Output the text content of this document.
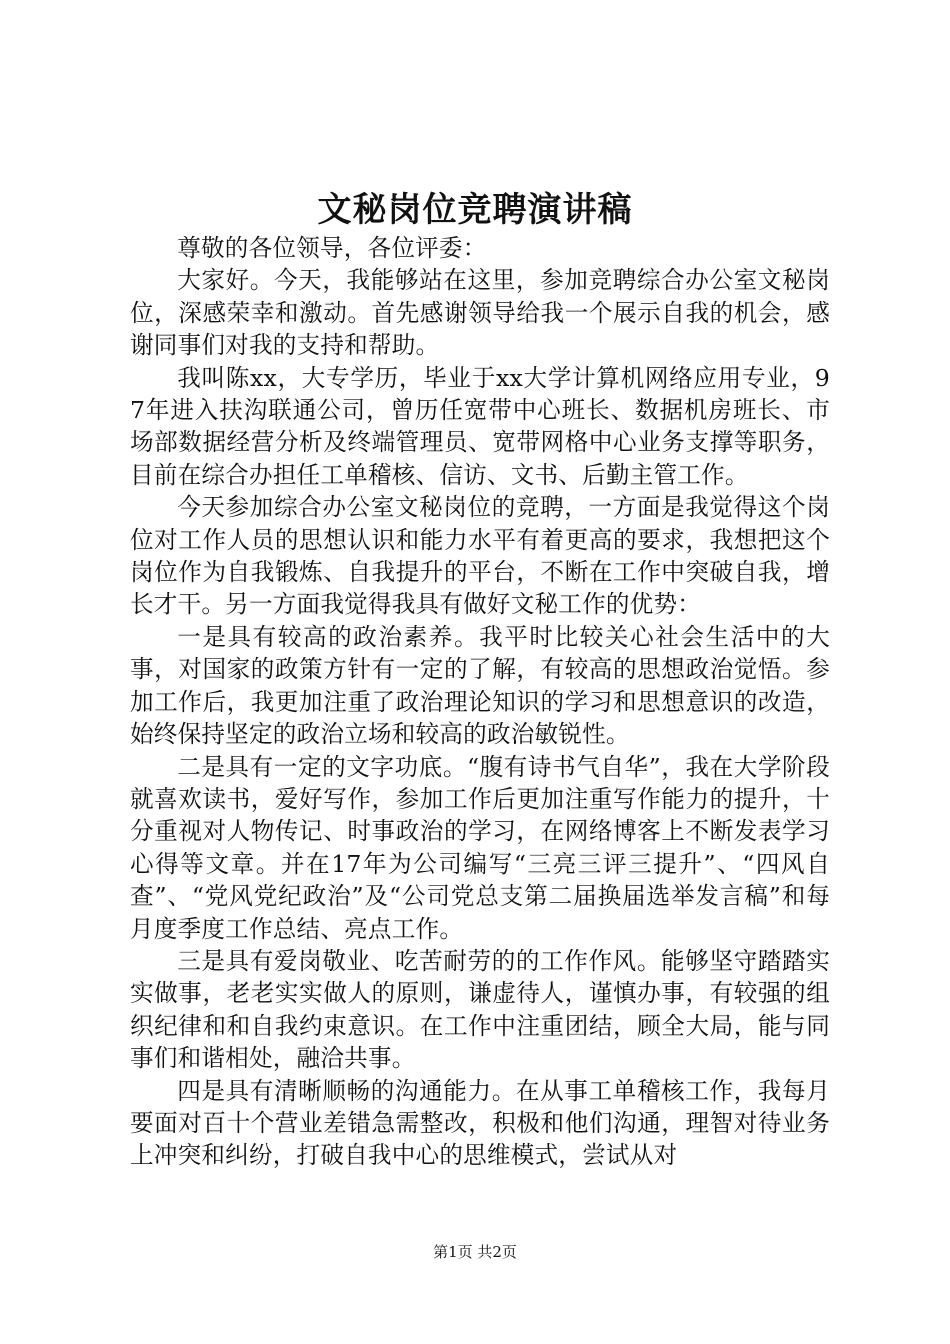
文秘岗位竞聘演讲稿

尊敬的各位领导，各位评委：

大家好。今天，我能够站在这里，参加竞聘综合办公室文秘岗位，深感荣幸和激动。首先感谢领导给我一个展示自我的机会，感谢同事们对我的支持和帮助。

我叫陈xx，大专学历，毕业于xx大学计算机网络应用专业，97年进入扶沟联通公司，曾历任宽带中心班长、数据机房班长、市场部数据经营分析及终端管理员、宽带网格中心业务支撑等职务，目前在综合办担任工单稽核、信访、文书、后勤主管工作。

今天参加综合办公室文秘岗位的竞聘，一方面是我觉得这个岗位对工作人员的思想认识和能力水平有着更高的要求，我想把这个岗位作为自我锻炼、自我提升的平台，不断在工作中突破自我，增长才干。另一方面我觉得我具有做好文秘工作的优势：

一是具有较高的政治素养。我平时比较关心社会生活中的大事，对国家的政策方针有一定的了解，有较高的思想政治觉悟。参加工作后，我更加注重了政治理论知识的学习和思想意识的改造，始终保持坚定的政治立场和较高的政治敏锐性。

二是具有一定的文字功底。“腹有诗书气自华”，我在大学阶段就喜欢读书，爱好写作，参加工作后更加注重写作能力的提升，十分重视对人物传记、时事政治的学习，在网络博客上不断发表学习心得等文章。并在17年为公司编写“三亮三评三提升”、“四风自查”、“党风党纪政治”及“公司党总支第二届换届选举发言稿”和每月度季度工作总结、亮点工作。

三是具有爱岗敬业、吃苦耐劳的的工作作风。能够坚守踏踏实实做事，老老实实做人的原则，谦虚待人，谨慎办事，有较强的组织纪律和和自我约束意识。在工作中注重团结，顾全大局，能与同事们和谐相处，融洽共事。

四是具有清晰顺畅的沟通能力。在从事工单稽核工作，我每月要面对百十个营业差错急需整改，积极和他们沟通，理智对待业务上冲突和纠纷，打破自我中心的思维模式，尝试从对

第1页 共2页
